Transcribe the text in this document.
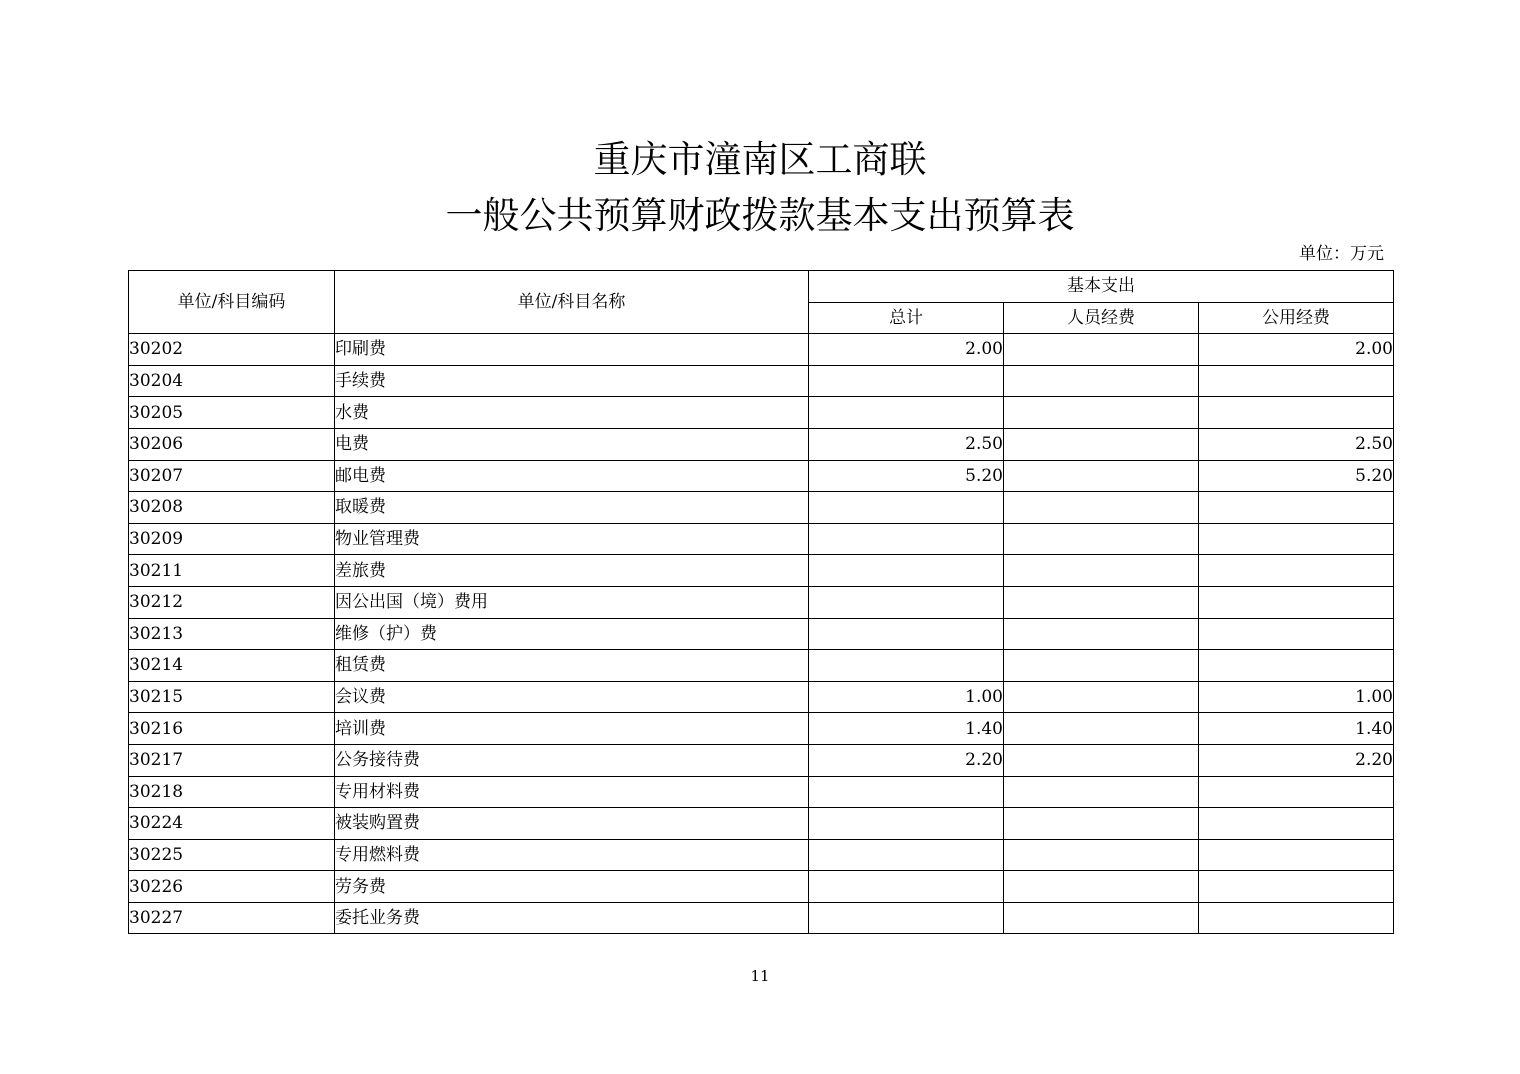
重庆市潼南区工商联
一般公共预算财政拨款基本支出预算表
单位：万元
单位/科目编码	单位/科目名称	基本支出		
		总计	人员经费	公用经费
30202	印刷费	2.00		2.00
30204	手续费			
30205	水费			
30206	电费	2.50		2.50
30207	邮电费	5.20		5.20
30208	取暖费			
30209	物业管理费			
30211	差旅费			
30212	因公出国（境）费用			
30213	维修（护）费			
30214	租赁费			
30215	会议费	1.00		1.00
30216	培训费	1.40		1.40
30217	公务接待费	2.20		2.20
30218	专用材料费			
30224	被装购置费			
30225	专用燃料费			
30226	劳务费			
30227	委托业务费			
11
